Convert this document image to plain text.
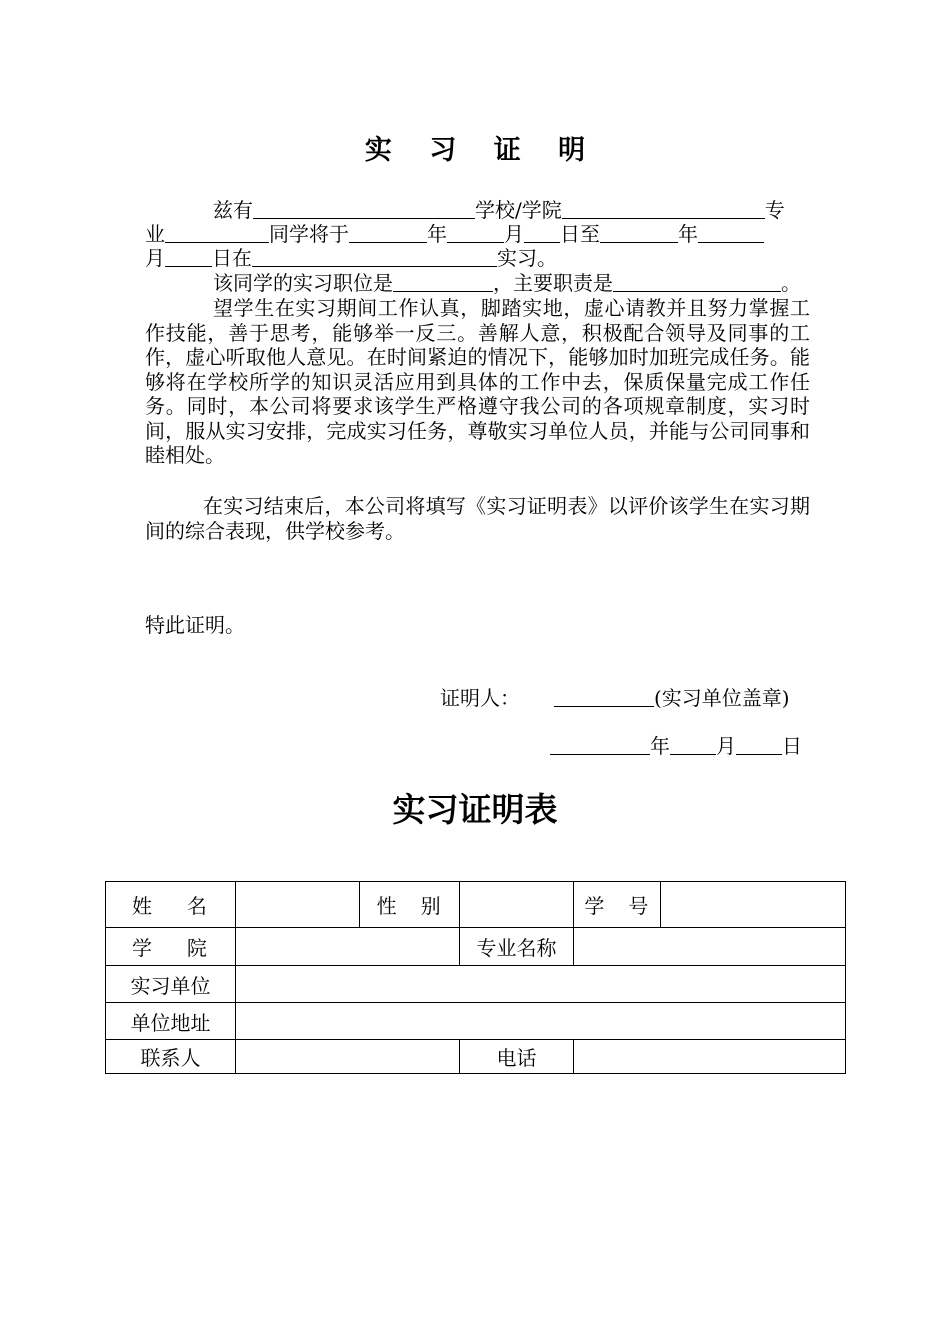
实 习 证 明
兹有	学校/学院	专
业	同学将于	年	月 日至	年
月 日在	实习。
该同学的实习职位是	，主要职责是	。
望学生在实习期间工作认真，脚踏实地，虚心请教并且努力掌握工作技能，善于思考，能够举一反三。善解人意，积极配合领导及同事的工作，虚心听取他人意见。在时间紧迫的情况下，能够加时加班完成任务。能够将在学校所学的知识灵活应用到具体的工作中去，保质保量完成工作任务。同时，本公司将要求该学生严格遵守我公司的各项规章制度，实习时间，服从实习安排，完成实习任务，尊敬实习单位人员，并能与公司同事和睦相处。
在实习结束后，本公司将填写《实习证明表》以评价该学生在实习期间的综合表现，供学校参考。
特此证明。
证明人：	(实习单位盖章)
年 月 日
实习证明表
姓 名		性 别		学 号	

学 院			专业名称		
实习单位					
单位地址					
联系人			电话		
